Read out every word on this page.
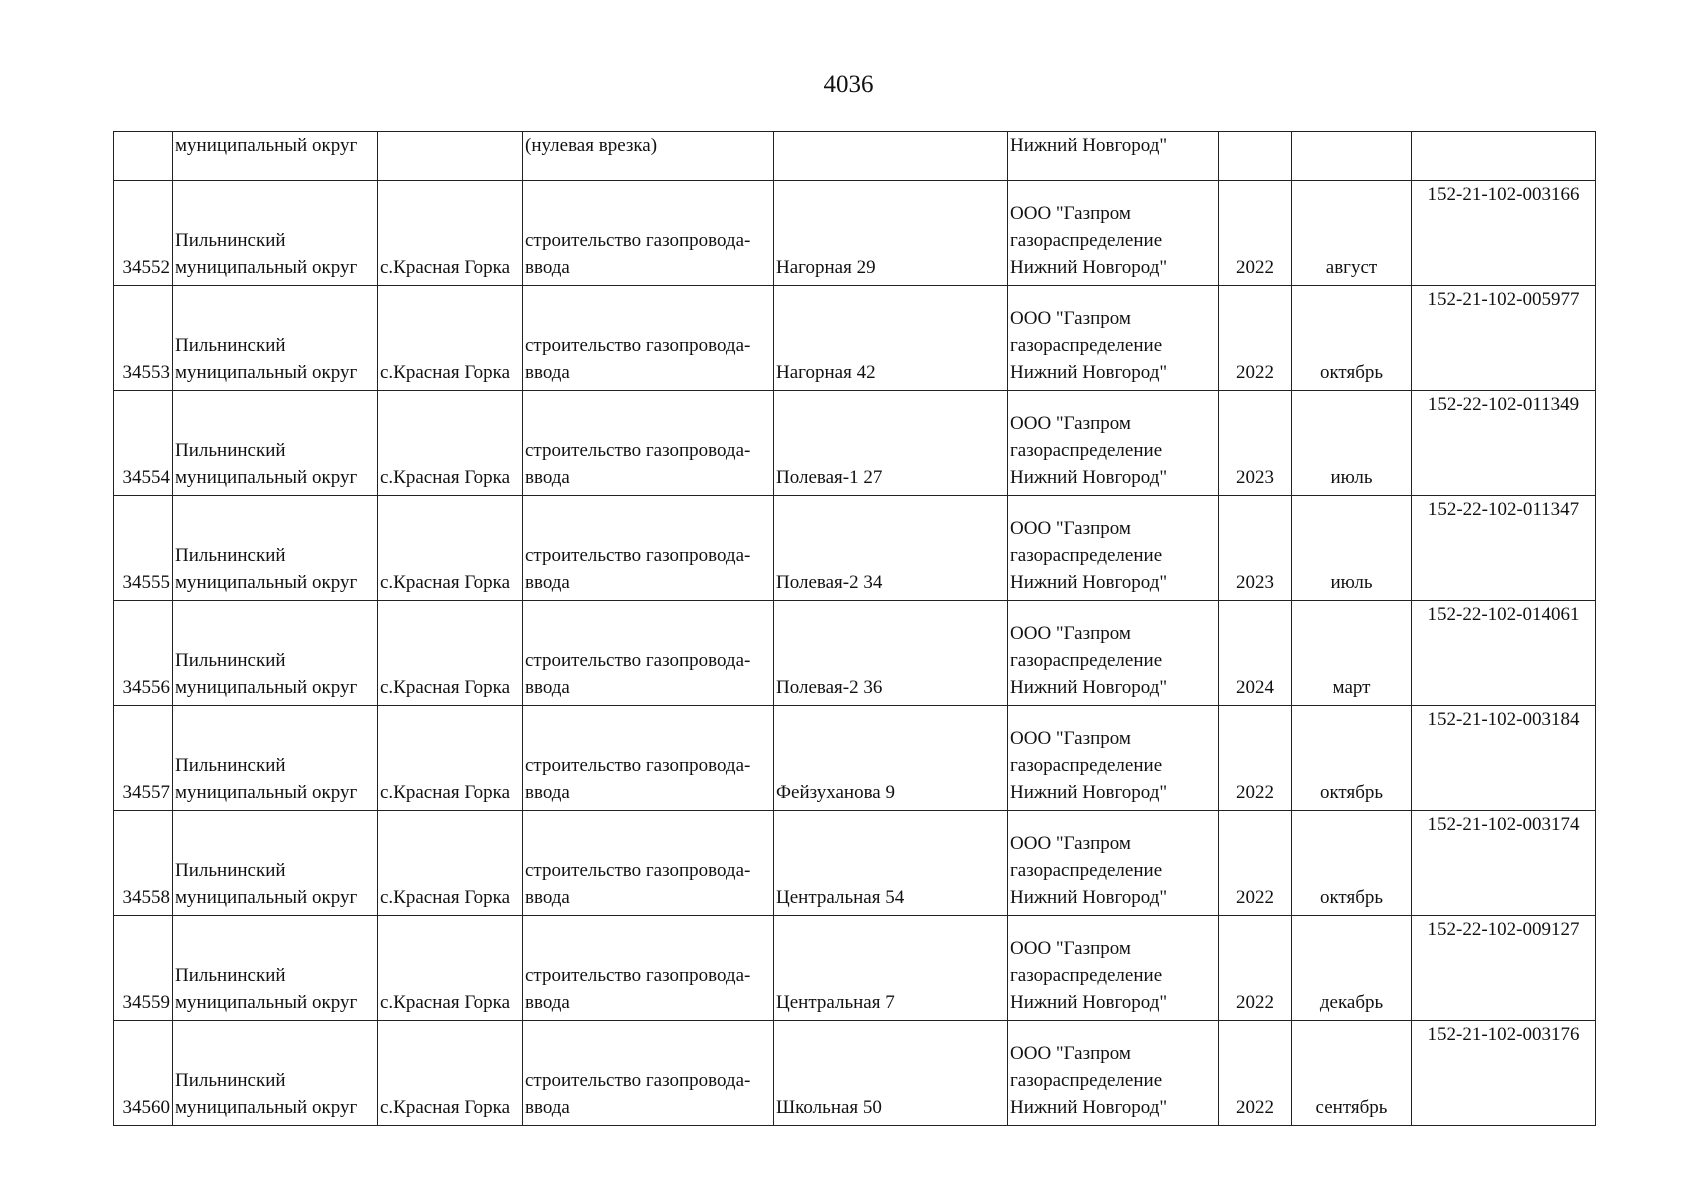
4036
	муниципальный округ		(нулевая врезка)		Нижний Новгород"			
34552	Пильнинский
муниципальный округ	с.Красная Горка	строительство газопровода-
ввода	Нагорная 29	ООО "Газпром
газораспределение
Нижний Новгород"	2022	август	152-21-102-003166
34553	Пильнинский
муниципальный округ	с.Красная Горка	строительство газопровода-
ввода	Нагорная 42	ООО "Газпром
газораспределение
Нижний Новгород"	2022	октябрь	152-21-102-005977
34554	Пильнинский
муниципальный округ	с.Красная Горка	строительство газопровода-
ввода	Полевая-1 27	ООО "Газпром
газораспределение
Нижний Новгород"	2023	июль	152-22-102-011349
34555	Пильнинский
муниципальный округ	с.Красная Горка	строительство газопровода-
ввода	Полевая-2 34	ООО "Газпром
газораспределение
Нижний Новгород"	2023	июль	152-22-102-011347
34556	Пильнинский
муниципальный округ	с.Красная Горка	строительство газопровода-
ввода	Полевая-2 36	ООО "Газпром
газораспределение
Нижний Новгород"	2024	март	152-22-102-014061
34557	Пильнинский
муниципальный округ	с.Красная Горка	строительство газопровода-
ввода	Фейзуханова 9	ООО "Газпром
газораспределение
Нижний Новгород"	2022	октябрь	152-21-102-003184
34558	Пильнинский
муниципальный округ	с.Красная Горка	строительство газопровода-
ввода	Центральная 54	ООО "Газпром
газораспределение
Нижний Новгород"	2022	октябрь	152-21-102-003174
34559	Пильнинский
муниципальный округ	с.Красная Горка	строительство газопровода-
ввода	Центральная 7	ООО "Газпром
газораспределение
Нижний Новгород"	2022	декабрь	152-22-102-009127
34560	Пильнинский
муниципальный округ	с.Красная Горка	строительство газопровода-
ввода	Школьная 50	ООО "Газпром
газораспределение
Нижний Новгород"	2022	сентябрь	152-21-102-003176
